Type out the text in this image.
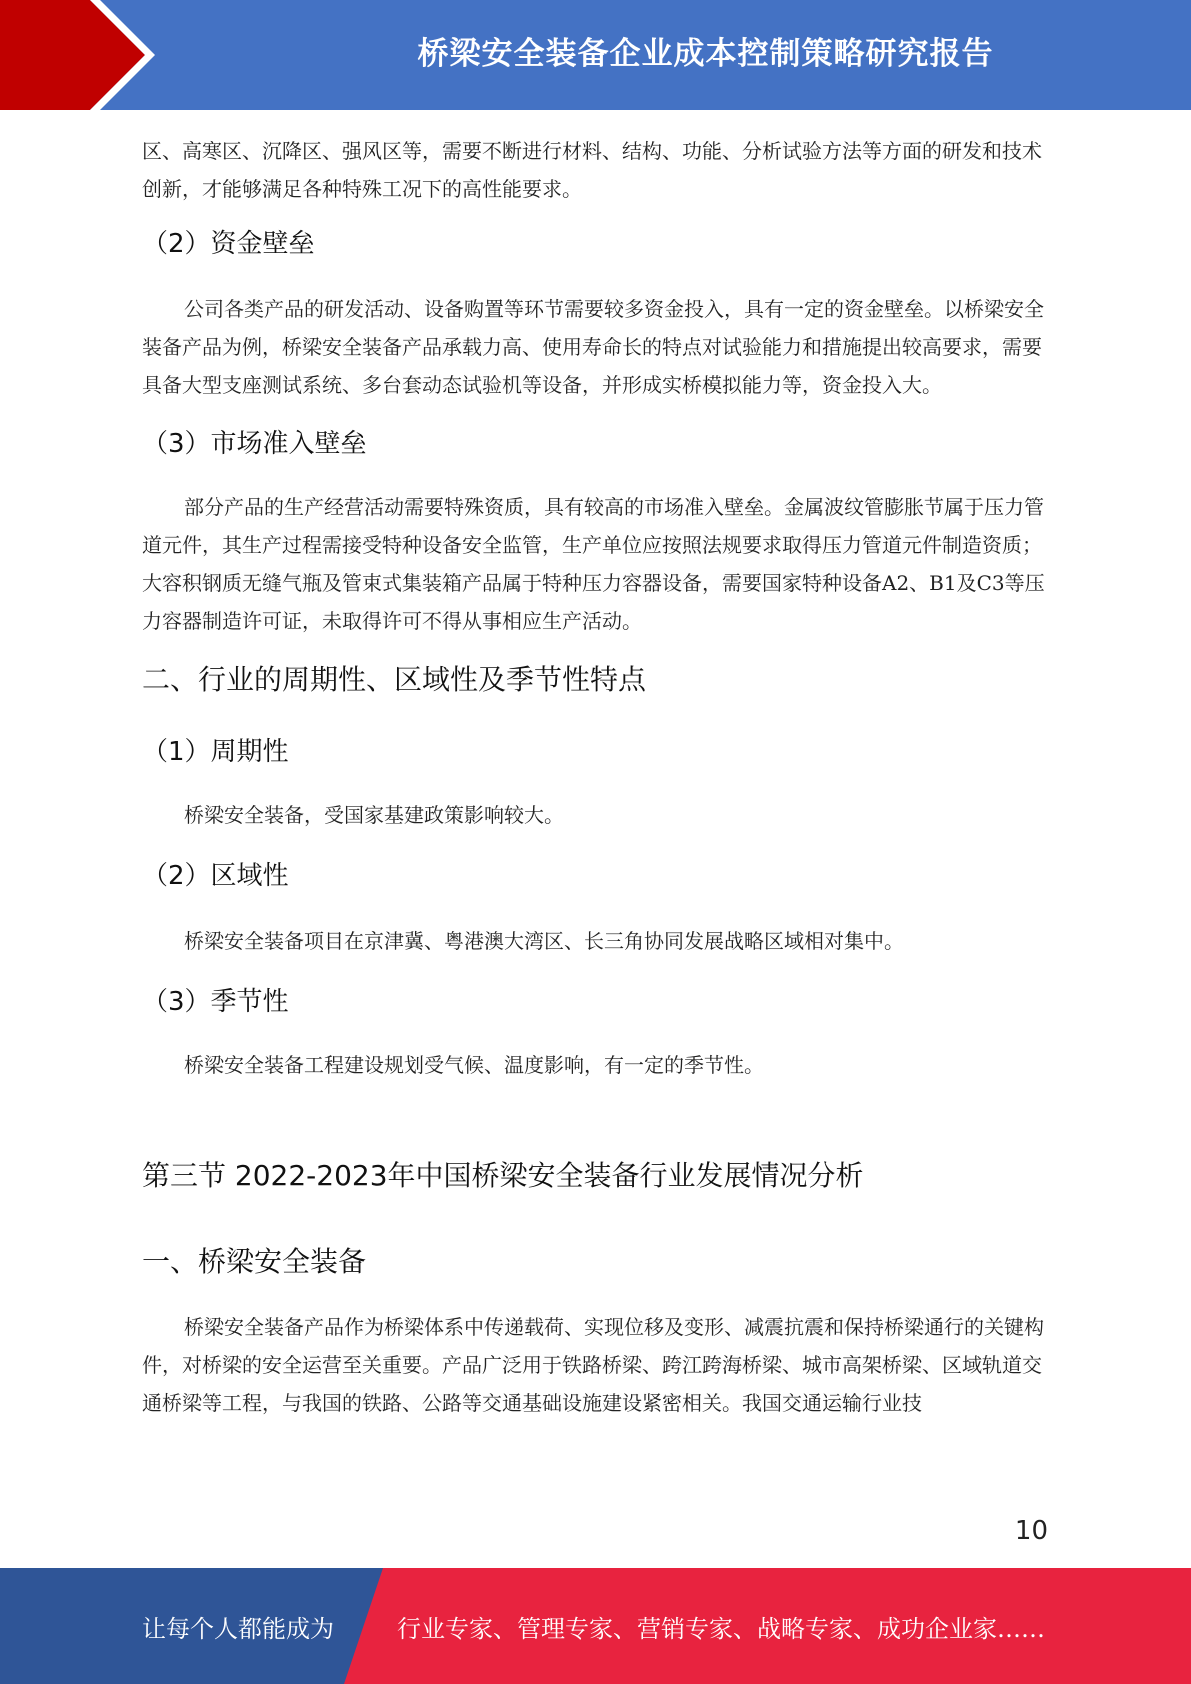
桥梁安全装备企业成本控制策略研究报告

区、高寒区、沉降区、强风区等，需要不断进行材料、结构、功能、分析试验方法等方面的研发和技术创新，才能够满足各种特殊工况下的高性能要求。

（2）资金壁垒

公司各类产品的研发活动、设备购置等环节需要较多资金投入，具有一定的资金壁垒。以桥梁安全装备产品为例，桥梁安全装备产品承载力高、使用寿命长的特点对试验能力和措施提出较高要求，需要具备大型支座测试系统、多台套动态试验机等设备，并形成实桥模拟能力等，资金投入大。

（3）市场准入壁垒

部分产品的生产经营活动需要特殊资质，具有较高的市场准入壁垒。金属波纹管膨胀节属于压力管道元件，其生产过程需接受特种设备安全监管，生产单位应按照法规要求取得压力管道元件制造资质；大容积钢质无缝气瓶及管束式集装箱产品属于特种压力容器设备，需要国家特种设备A2、B1及C3等压力容器制造许可证，未取得许可不得从事相应生产活动。

二、行业的周期性、区域性及季节性特点
（1）周期性

桥梁安全装备，受国家基建政策影响较大。

（2）区域性

桥梁安全装备项目在京津冀、粤港澳大湾区、长三角协同发展战略区域相对集中。

（3）季节性

桥梁安全装备工程建设规划受气候、温度影响，有一定的季节性。

第三节 2022-2023年中国桥梁安全装备行业发展情况分析
一、桥梁安全装备

桥梁安全装备产品作为桥梁体系中传递载荷、实现位移及变形、减震抗震和保持桥梁通行的关键构件，对桥梁的安全运营至关重要。产品广泛用于铁路桥梁、跨江跨海桥梁、城市高架桥梁、区域轨道交通桥梁等工程，与我国的铁路、公路等交通基础设施建设紧密相关。我国交通运输行业技

10
让每个人都能成为	行业专家、管理专家、营销专家、战略专家、成功企业家……
